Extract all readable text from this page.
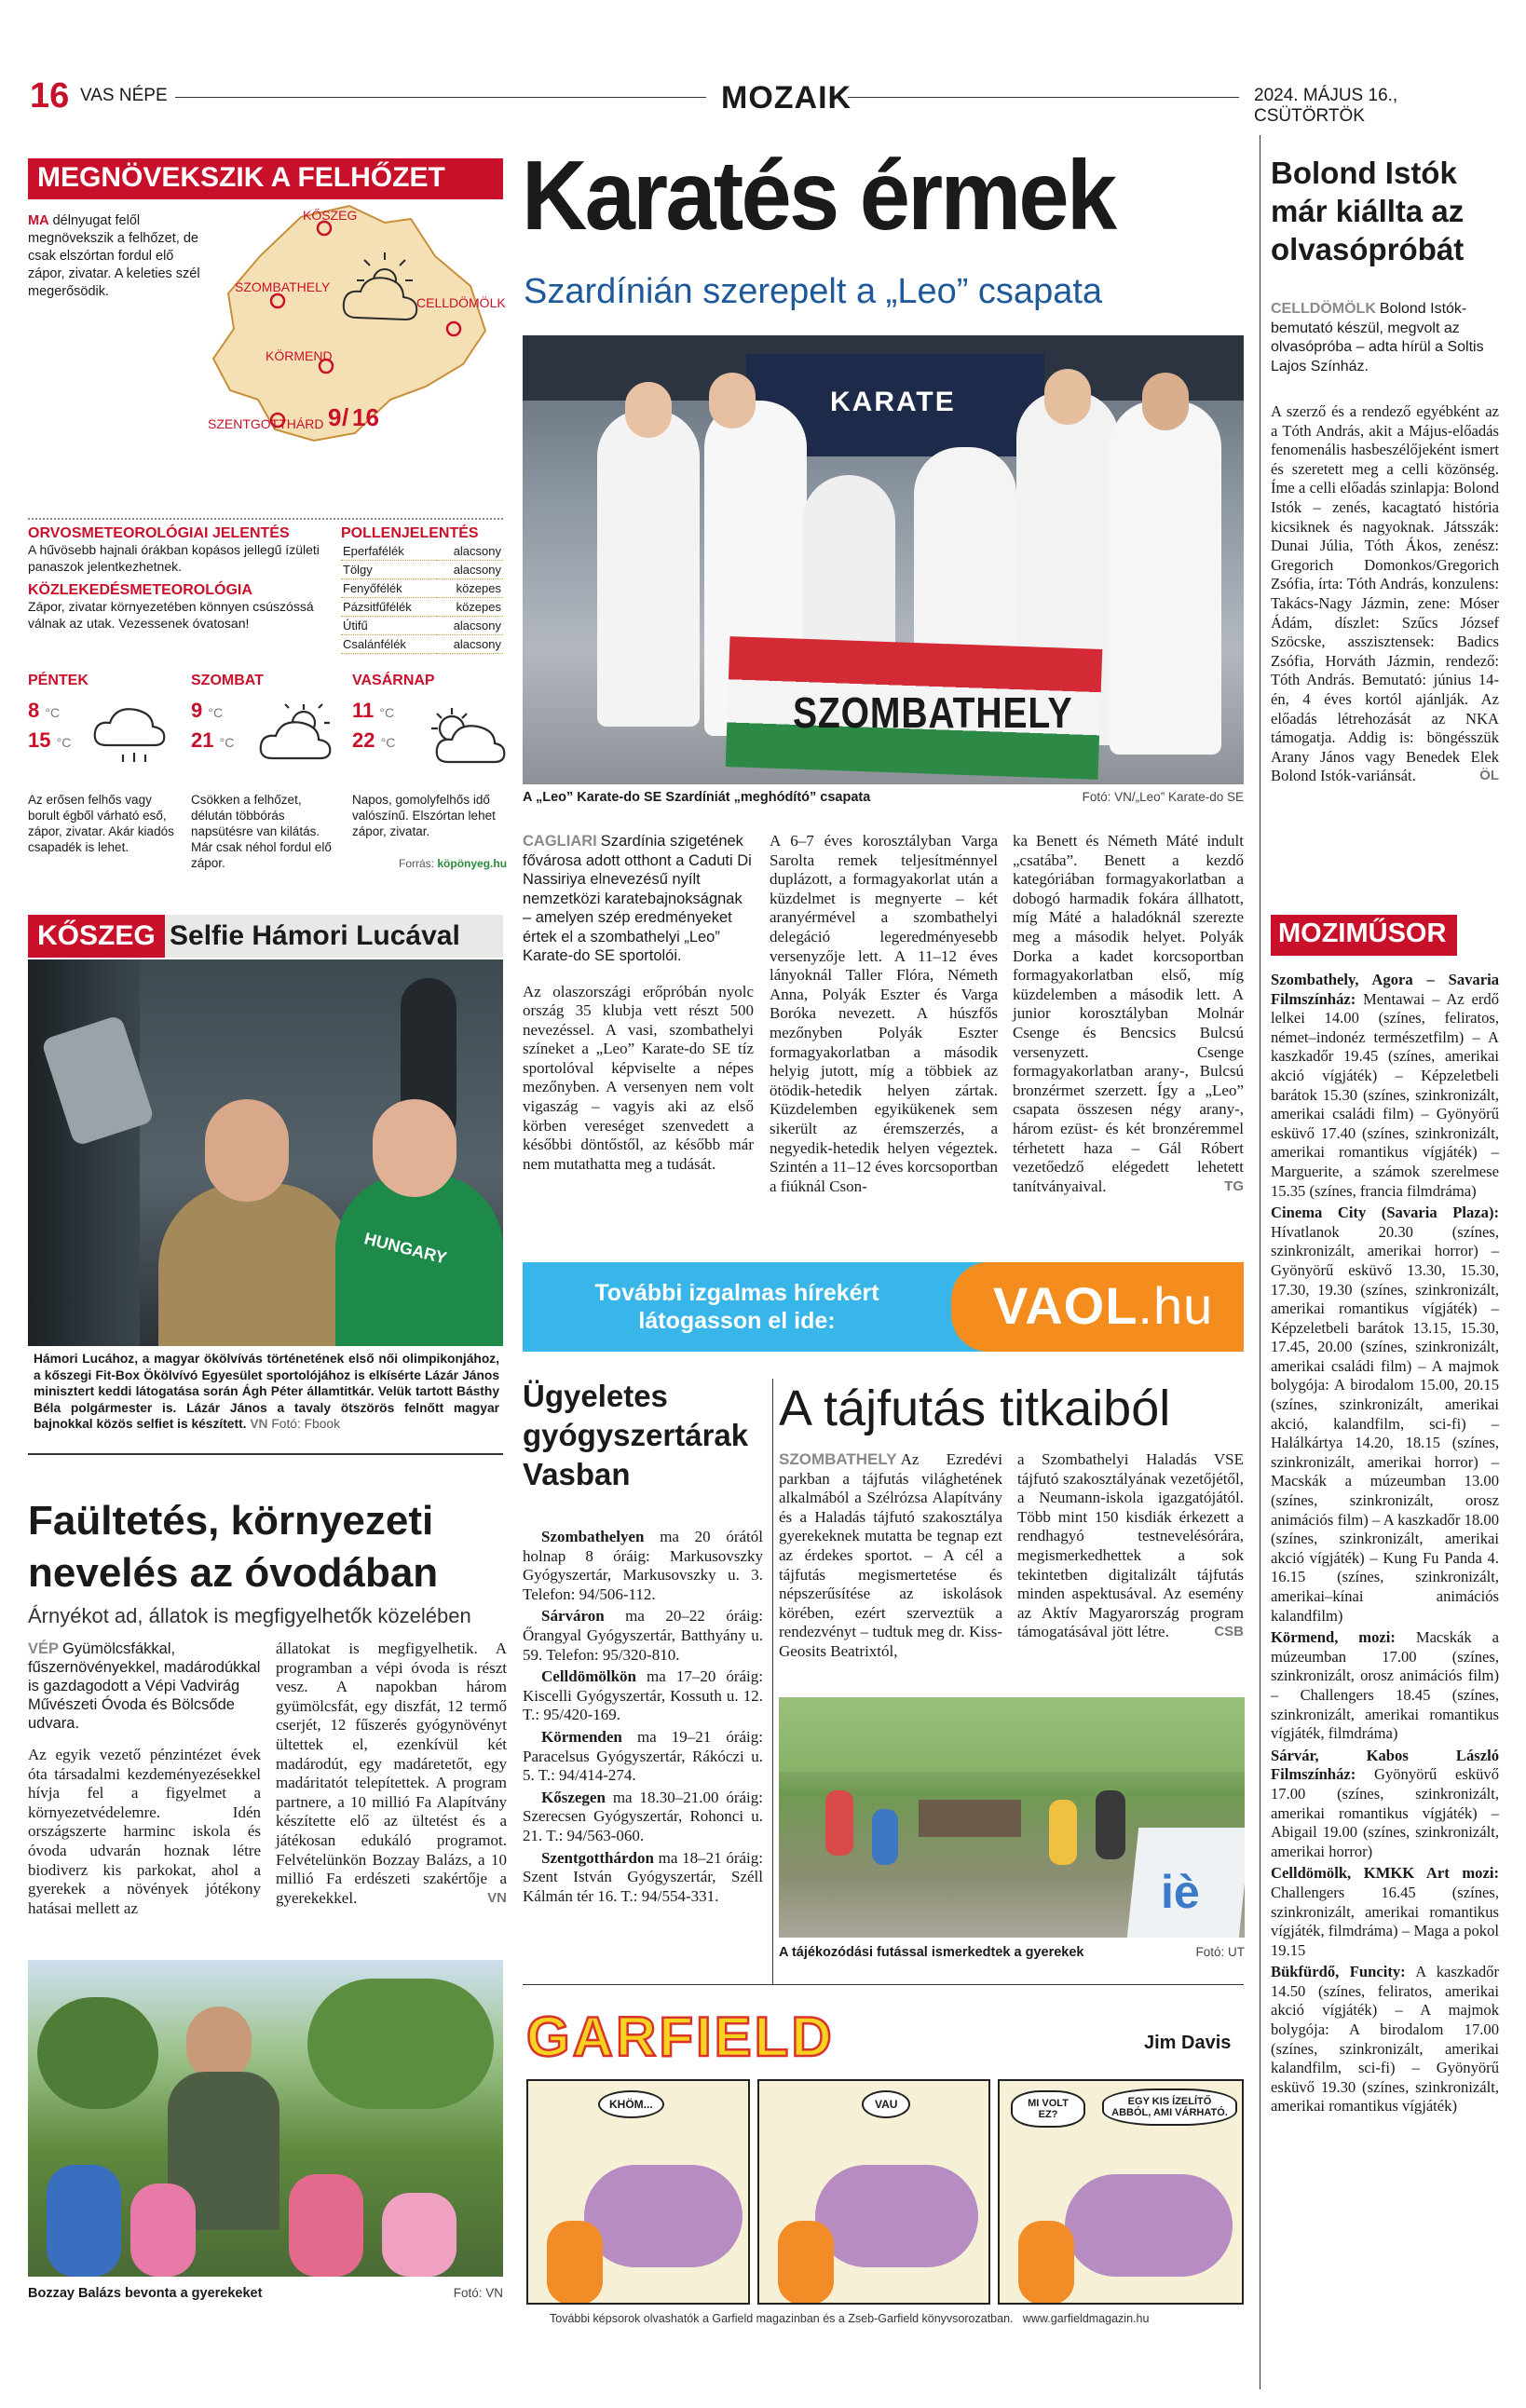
16 VAS NÉPE	MOZAIK	2024. MÁJUS 16., CSÜTÖRTÖK
MEGNÖVEKSZIK A FELHŐZET
MA délnyugat felől megnövekszik a felhőzet, de csak elszórtan fordul elő zápor, zivatar. A keleties szél megerősödik.
9 / 16
KŐSZEG
SZOMBATHELY
CELLDÖMÖLK
KÖRMEND
SZENTGOTTHÁRD
ORVOSMETEOROLÓGIAI JELENTÉS
A hűvösebb hajnali órákban kopásos jellegű ízületi panaszok jelentkezhetnek.
KÖZLEKEDÉSMETEOROLÓGIA
Zápor, zivatar környezetében könnyen csúszóssá válnak az utak. Vezessenek óvatosan!
POLLENJELENTÉS
Eperfafélék	alacsony
Tölgy	alacsony
Fenyőfélék	közepes
Pázsitfűfélék	közepes
Útifű	alacsony
Csalánfélék	alacsony
PÉNTEK
8 °C
15 °C
Az erősen felhős vagy borult égből várható eső, zápor, zivatar. Akár kiadós csapadék is lehet.
SZOMBAT
9 °C
21 °C
Csökken a felhőzet, délután többórás napsütésre van kilátás. Már csak néhol fordul elő zápor.
VASÁRNAP
11 °C
22 °C
Napos, gomolyfelhős idő valószínű. Elszórtan lehet zápor, zivatar.
Forrás: köpönyeg.hu
KŐSZEG Selfie Hámori Lucával
HUNGARY
Hámori Lucához, a magyar ökölvívás történetének első női olimpikonjához, a kőszegi Fit-Box Ökölvívó Egyesület sportolójához is elkísérte Lázár János minisztert keddi látogatása során Ágh Péter államtitkár. Velük tartott Básthy Béla polgármester is. Lázár János a tavaly ötszörös felnőtt magyar bajnokkal közös selfiet is készített. VN Fotó: Fbook
Faültetés, környezeti nevelés az óvodában
Árnyékot ad, állatok is megfigyelhetők közelében
VÉP Gyümölcsfákkal, fűszernövényekkel, madárodúkkal is gazdagodott a Vépi Vadvirág Művészeti Óvoda és Bölcsőde udvara.
Az egyik vezető pénzintézet évek óta társadalmi kezdeményezésekkel hívja fel a figyelmet a környezetvédelemre. Idén országszerte harminc iskola és óvoda udvarán hoznak létre biodiverz kis parkokat, ahol a gyerekek a növények jótékony hatásai mellett az
állatokat is megfigyelhetik. A programban a vépi óvoda is részt vesz. A napokban három gyümölcsfát, egy diszfát, 12 termő cserjét, 12 fűszerés gyógynövényt ültettek el, ezenkívül két madárodút, egy madáretetőt, egy madáritatót telepítettek. A program partnere, a 10 millió Fa Alapítvány készítette elő az ültetést és a játékosan edukáló programot. Felvételünkön Bozzay Balázs, a 10 millió Fa erdészeti szakértője a gyerekekkel.	VN
Bozzay Balázs bevonta a gyerekeket	Fotó: VN
Karatés érmek
Szardínián szerepelt a „Leo” csapata
KARATE
SZOMBATHELY
A „Leo” Karate-do SE Szardíniát „meghódító” csapata	Fotó: VN/„Leo” Karate-do SE
CAGLIARI Szardínia szigetének fővárosa adott otthont a Caduti Di Nassiriya elnevezésű nyílt nemzetközi karatebajnokságnak – amelyen szép eredményeket értek el a szombathelyi „Leo” Karate-do SE sportolói.
Az olaszországi erőpróbán nyolc ország 35 klubja vett részt 500 nevezéssel. A vasi, szombathelyi színeket a „Leo” Karate-do SE tíz sportolóval képviselte a népes mezőnyben. A versenyen nem volt vigaszág – vagyis aki az első körben vereséget szenvedett a későbbi döntőstől, az később már nem mutathatta meg a tudását.
A 6–7 éves korosztályban Varga Sarolta remek teljesítménnyel duplázott, a formagyakorlat után a küzdelmet is megnyerte – két aranyérmével a szombathelyi delegáció legeredményesebb versenyzője lett. A 11–12 éves lányoknál Taller Flóra, Németh Anna, Polyák Eszter és Varga Boróka nevezett. A húszfős mezőnyben Polyák Eszter formagyakorlatban a második helyig jutott, míg a többiek az ötödik-hetedik helyen zártak. Küzdelemben egyikükenek sem sikerült az éremszerzés, a negyedik-hetedik helyen végeztek. Szintén a 11–12 éves korcsoportban a fiúknál Cson-
ka Benett és Németh Máté indult „csatába”. Benett a kezdő kategóriában formagyakorlatban a dobogó harmadik fokára állhatott, míg Máté a haladóknál szerezte meg a második helyet. Polyák Dorka a kadet korcsoportban formagyakorlatban első, míg küzdelemben a második lett. A junior korosztályban Molnár Csenge és Bencsics Bulcsú versenyzett. Csenge formagyakorlatban arany-, Bulcsú bronzérmet szerzett. Így a „Leo” csapata összesen négy arany-, három ezüst- és két bronzéremmel térhetett haza – Gál Róbert vezetőedző elégedett lehetett tanítványaival.	TG
További izgalmas hírekért
látogasson el ide:	VAOL.hu
Ügyeletes gyógyszertárak Vasban

Szombathelyen ma 20 órától holnap 8 óráig: Markusovszky Gyógyszertár, Markusovszky u. 3. Telefon: 94/506-112.

Sárváron ma 20–22 óráig: Őrangyal Gyógyszertár, Batthyány u. 59. Telefon: 95/320-810.

Celldömölkön ma 17–20 óráig: Kiscelli Gyógyszertár, Kossuth u. 12. T.: 95/420-169.

Körmenden ma 19–21 óráig: Paracelsus Gyógyszertár, Rákóczi u. 5. T.: 94/414-274.

Kőszegen ma 18.30–21.00 óráig: Szerecsen Gyógyszertár, Rohonci u. 21. T.: 94/563-060.

Szentgotthárdon ma 18–21 óráig: Szent István Gyógyszertár, Széll Kálmán tér 16. T.: 94/554-331.

A tájfutás titkaiból
SZOMBATHELY Az Ezredévi parkban a tájfutás világhetének alkalmából a Szélrózsa Alapítvány és a Haladás tájfutó szakosztálya gyerekeknek mutatta be tegnap ezt az érdekes sportot. – A cél a tájfutás megismertetése és népszerűsítése az iskolások körében, ezért szerveztük a rendezvényt – tudtuk meg dr. Kiss-Geosits Beatrixtól,
a Szombathelyi Haladás VSE tájfutó szakosztályának vezetőjétől, a Neumann-iskola igazgatójától. Több mint 150 kisdiák érkezett a rendhagyó testnevelésórára, megismerkedhettek a sok tekintetben digitalizált tájfutás minden aspektusával. Az esemény az Aktív Magyarország program támogatásával jött létre.	CSB
iè
A tájékozódási futással ismerkedtek a gyerekek	Fotó: UT
GARFIELD	Jim Davis
KHÖM...	VAU	MI VOLT EZ?
EGY KIS ÍZELÍTŐ ABBÓL, AMI VÁRHATÓ.
További képsorok olvashatók a Garfield magazinban és a Zseb-Garfield könyvsorozatban.   www.garfieldmagazin.hu
Bolond Istók már kiállta az olvasópróbát
CELLDÖMÖLK Bolond Istók-bemutató készül, megvolt az olvasópróba – adta hírül a Soltis Lajos Színház.
A szerző és a rendező egyébként az a Tóth András, akit a Május-előadás fenomenális hasbeszélőjeként ismert és szeretett meg a celli közönség. Íme a celli előadás szinlapja: Bolond Istók – zenés, kacagtató história kicsiknek és nagyoknak. Játsszák: Dunai Júlia, Tóth Ákos, zenész: Gregorich Domonkos/Gregorich Zsófia, írta: Tóth András, konzulens: Takács-Nagy Jázmin, zene: Móser Ádám, díszlet: Szűcs József Szöcske, asszisztensek: Badics Zsófia, Horváth Jázmin, rendező: Tóth András. Bemutató: június 14-én, 4 éves kortól ajánlják. Az előadás létrehozását az NKA támogatja. Addig is: böngésszük Arany János vagy Benedek Elek Bolond Istók-variánsát.	ÖL
MOZIMŰSOR

Szombathely, Agora – Savaria Filmszínház: Mentawai – Az erdő lelkei 14.00 (színes, feliratos, német–indonéz természetfilm) – A kaszkadőr 19.45 (színes, amerikai akció vígjáték) – Képzeletbeli barátok 15.30 (színes, szinkronizált, amerikai családi film) – Gyönyörű esküvő 17.40 (színes, szinkronizált, amerikai romantikus vígjáték) – Marguerite, a számok szerelmese 15.35 (színes, francia filmdráma)

Cinema City (Savaria Plaza): Hívatlanok 20.30 (színes, szinkronizált, amerikai horror) – Gyönyörű esküvő 13.30, 15.30, 17.30, 19.30 (színes, szinkronizált, amerikai romantikus vígjáték) – Képzeletbeli barátok 13.15, 15.30, 17.45, 20.00 (színes, szinkronizált, amerikai családi film) – A majmok bolygója: A birodalom 15.00, 20.15 (színes, szinkronizált, amerikai akció, kalandfilm, sci-fi) – Halálkártya 14.20, 18.15 (színes, szinkronizált, amerikai horror) – Macskák a múzeumban 13.00 (színes, szinkronizált, orosz animációs film) – A kaszkadőr 18.00 (színes, szinkronizált, amerikai akció vígjáték) – Kung Fu Panda 4. 16.15 (színes, szinkronizált, amerikai–kínai animációs kalandfilm)

Körmend, mozi: Macskák a múzeumban 17.00 (színes, szinkronizált, orosz animációs film) – Challengers 18.45 (színes, szinkronizált, amerikai romantikus vígjáték, filmdráma)

Sárvár, Kabos László Filmszínház: Gyönyörű esküvő 17.00 (színes, szinkronizált, amerikai romantikus vígjáték) – Abigail 19.00 (színes, szinkronizált, amerikai horror)

Celldömölk, KMKK Art mozi: Challengers 16.45 (színes, szinkronizált, amerikai romantikus vígjáték, filmdráma) – Maga a pokol 19.15

Bükfürdő, Funcity: A kaszkadőr 14.50 (színes, feliratos, amerikai akció vígjáték) – A majmok bolygója: A birodalom 17.00 (színes, szinkronizált, amerikai kalandfilm, sci-fi) – Gyönyörű esküvő 19.30 (színes, szinkronizált, amerikai romantikus vígjáték)
